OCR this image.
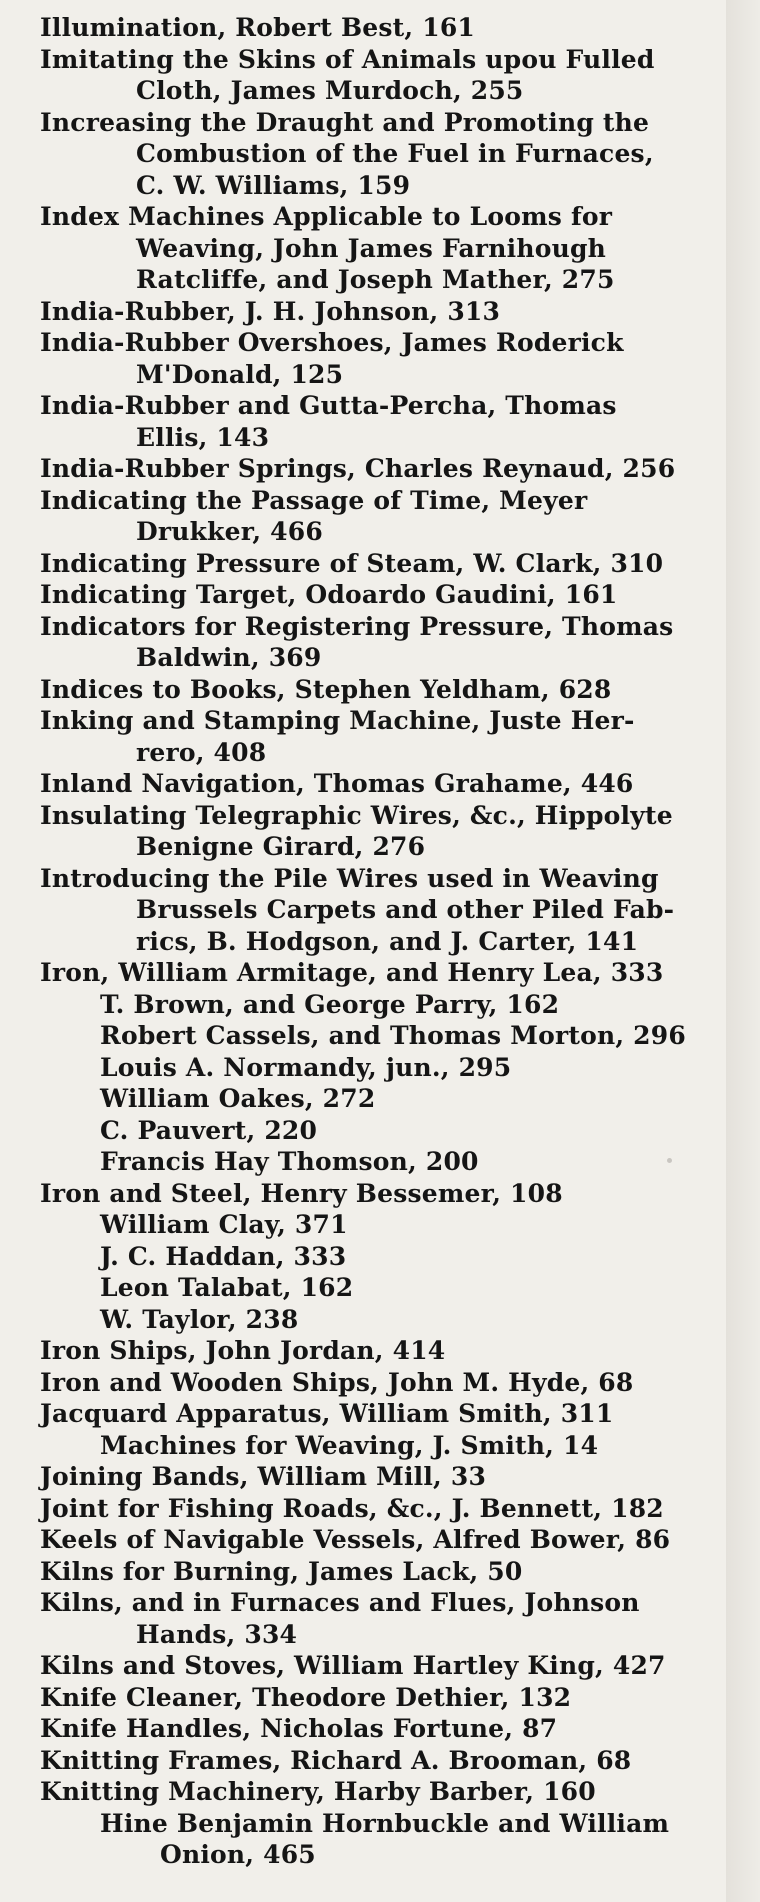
Illumination, Robert Best, 161
Imitating the Skins of Animals upou Fulled
Cloth, James Murdoch, 255
Increasing the Draught and Promoting the
Combustion of the Fuel in Furnaces,
C. W. Williams, 159
Index Machines Applicable to Looms for
Weaving, John James Farnihough
Ratcliffe, and Joseph Mather, 275
India-Rubber, J. H. Johnson, 313
India-Rubber Overshoes, James Roderick
M'Donald, 125
India-Rubber and Gutta-Percha, Thomas
Ellis, 143
India-Rubber Springs, Charles Reynaud, 256
Indicating the Passage of Time, Meyer
Drukker, 466
Indicating Pressure of Steam, W. Clark, 310
Indicating Target, Odoardo Gaudini, 161
Indicators for Registering Pressure, Thomas
Baldwin, 369
Indices to Books, Stephen Yeldham, 628
Inking and Stamping Machine, Juste Her-
rero, 408
Inland Navigation, Thomas Grahame, 446
Insulating Telegraphic Wires, &c., Hippolyte
Benigne Girard, 276
Introducing the Pile Wires used in Weaving
Brussels Carpets and other Piled Fab-
rics, B. Hodgson, and J. Carter, 141
Iron, William Armitage, and Henry Lea, 333
T. Brown, and George Parry, 162
Robert Cassels, and Thomas Morton, 296
Louis A. Normandy, jun., 295
William Oakes, 272
C. Pauvert, 220
Francis Hay Thomson, 200
Iron and Steel, Henry Bessemer, 108
William Clay, 371
J. C. Haddan, 333
Leon Talabat, 162
W. Taylor, 238
Iron Ships, John Jordan, 414
Iron and Wooden Ships, John M. Hyde, 68
Jacquard Apparatus, William Smith, 311
Machines for Weaving, J. Smith, 14
Joining Bands, William Mill, 33
Joint for Fishing Roads, &c., J. Bennett, 182
Keels of Navigable Vessels, Alfred Bower, 86
Kilns for Burning, James Lack, 50
Kilns, and in Furnaces and Flues, Johnson
Hands, 334
Kilns and Stoves, William Hartley King, 427
Knife Cleaner, Theodore Dethier, 132
Knife Handles, Nicholas Fortune, 87
Knitting Frames, Richard A. Brooman, 68
Knitting Machinery, Harby Barber, 160
Hine Benjamin Hornbuckle and William
Onion, 465
